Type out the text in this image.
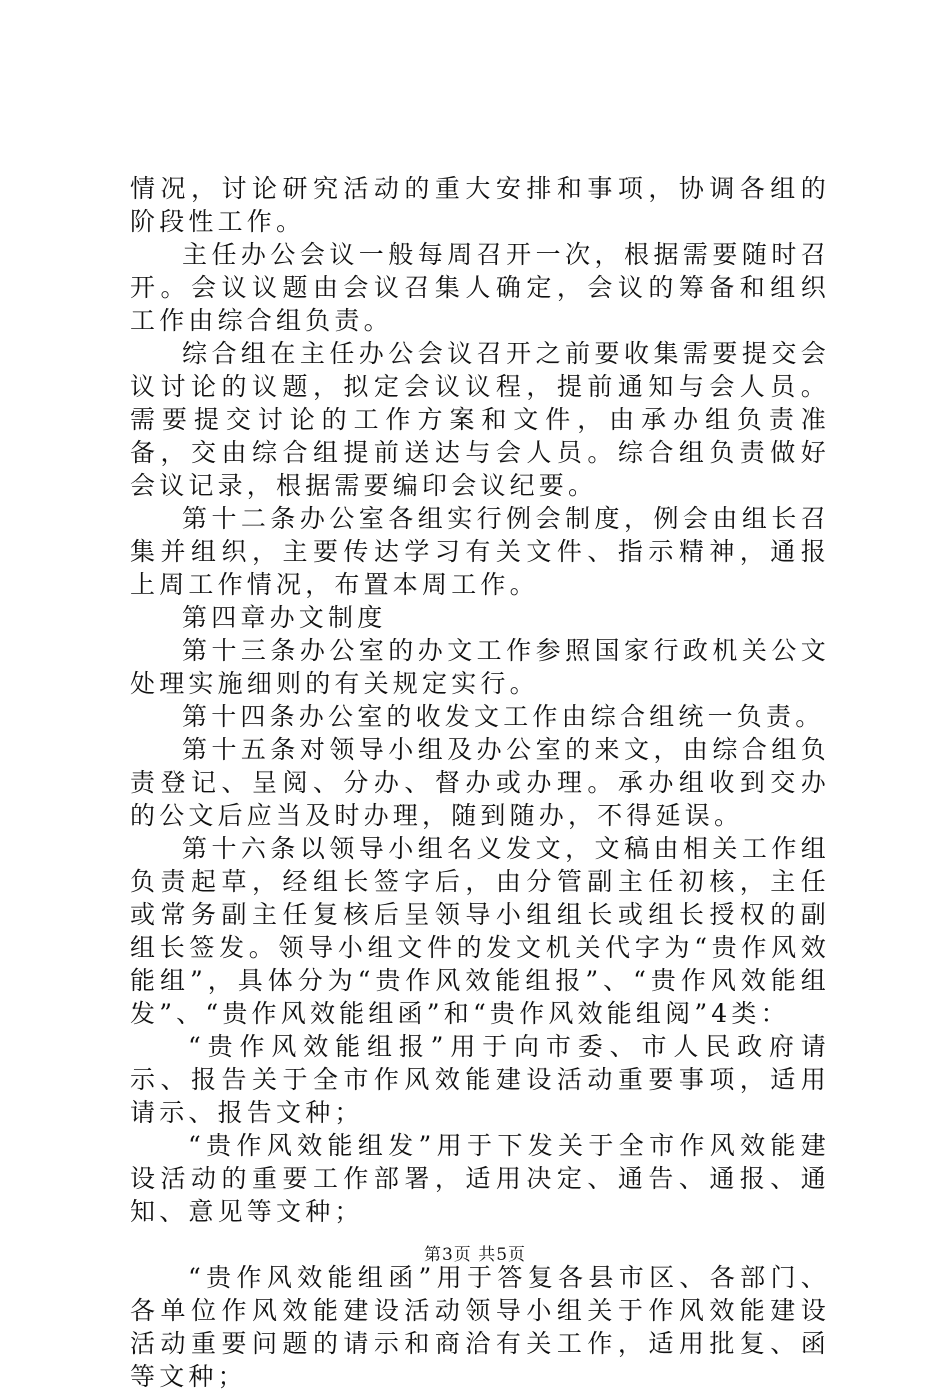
情况，讨论研究活动的重大安排和事项，协调各组的阶段性工作。

主任办公会议一般每周召开一次，根据需要随时召开。会议议题由会议召集人确定，会议的筹备和组织工作由综合组负责。

综合组在主任办公会议召开之前要收集需要提交会议讨论的议题，拟定会议议程，提前通知与会人员。需要提交讨论的工作方案和文件，由承办组负责准备，交由综合组提前送达与会人员。综合组负责做好会议记录，根据需要编印会议纪要。

第十二条办公室各组实行例会制度，例会由组长召集并组织，主要传达学习有关文件、指示精神，通报上周工作情况，布置本周工作。

第四章办文制度

第十三条办公室的办文工作参照国家行政机关公文处理实施细则的有关规定实行。

第十四条办公室的收发文工作由综合组统一负责。

第十五条对领导小组及办公室的来文，由综合组负责登记、呈阅、分办、督办或办理。承办组收到交办的公文后应当及时办理，随到随办，不得延误。

第十六条以领导小组名义发文，文稿由相关工作组负责起草，经组长签字后，由分管副主任初核，主任或常务副主任复核后呈领导小组组长或组长授权的副组长签发。领导小组文件的发文机关代字为“贵作风效能组”，具体分为“贵作风效能组报”、“贵作风效能组发”、“贵作风效能组函”和“贵作风效能组阅”4类：

“贵作风效能组报”用于向市委、市人民政府请示、报告关于全市作风效能建设活动重要事项，适用请示、报告文种；

“贵作风效能组发”用于下发关于全市作风效能建设活动的重要工作部署，适用决定、通告、通报、通知、意见等文种；

“贵作风效能组函”用于答复各县市区、各部门、各单位作风效能建设活动领导小组关于作风效能建设活动重要问题的请示和商洽有关工作，适用批复、函等文种；

第3页 共5页
